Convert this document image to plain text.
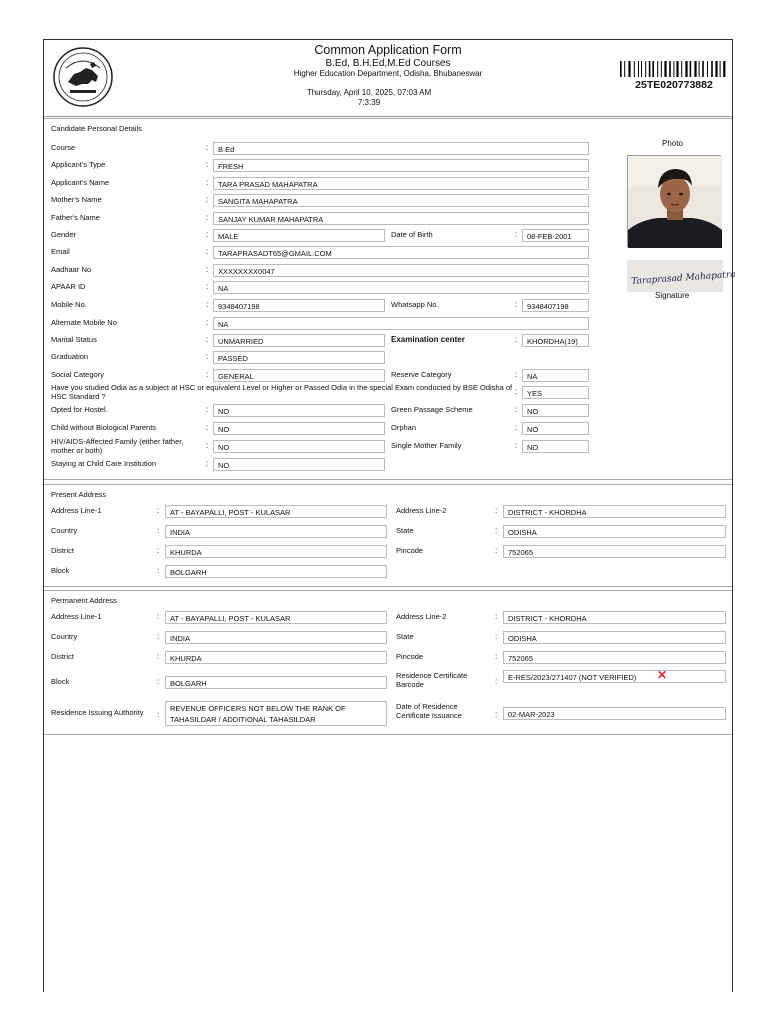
Common Application Form
B.Ed, B.H.Ed,M.Ed Courses
Higher Education Department, Odisha, Bhubaneswar
Thursday, April 10, 2025, 07:03 AM
7:3:39
25TE020773882
Candidate Personal Details
Course	:	B.Ed
Applicant's Type	:	FRESH
Applicant's Name	:	TARA PRASAD MAHAPATRA
Mother's Name	:	SANGITA MAHAPATRA
Father's Name	:	SANJAY KUMAR MAHAPATRA
Gender	:	MALE	Date of Birth	:	08-FEB-2001
Email	:	TARAPRASADT65@GMAIL.COM
Aadhaar No	:	XXXXXXXX0047
APAAR ID	:	NA
Mobile No.	:	9348407198	Whatsapp No.	:	9348407198
Alternate Mobile No	:	NA
Marital Status	:	UNMARRIED	Examination center	:	KHORDHA(19)
Graduation	:	PASSED
Social Category	:	GENERAL	Reserve Category	:	NA
Have you studied Odia as a subject at HSC or equivalent Level or Higher or Passed Odia in the special Exam conducted by BSE Odisha of HSC Standard ?
:	YES
Opted for Hostel.	:	NO	Green Passage Scheme	:	NO
Child without Biological Parents	:	NO	Orphan	:	NO
HIV/AIDS-Affected Family (either father, mother or both)
:	NO	Single Mother Family	:	NO
Staying at Child Care Institution	:	NO
Photo
Taraprasad Mahapatra
Signature
Present Address
Address Line-1	:	AT - BAYAPALLI, POST - KULASAR	Address Line-2	:	DISTRICT - KHORDHA
Country	:	INDIA	State	:	ODISHA
District	:	KHURDA	Pincode	:	752065
Block	:	BOLGARH
Permanent Address
Address Line-1	:	AT - BAYAPALLI, POST - KULASAR	Address Line-2	:	DISTRICT - KHORDHA
Country	:	INDIA	State	:	ODISHA
District	:	KHURDA	Pincode	:	752065
Block	:	BOLGARH
Residence Certificate Barcode	:	E-RES/2023/271407 (NOT VERIFIED)	✕
Residence Issuing Authority :
REVENUE OFFICERS NOT BELOW THE RANK OF TAHASILDAR / ADDITIONAL TAHASILDAR
Date of Residence Certificate Issuance	:	02-MAR-2023
